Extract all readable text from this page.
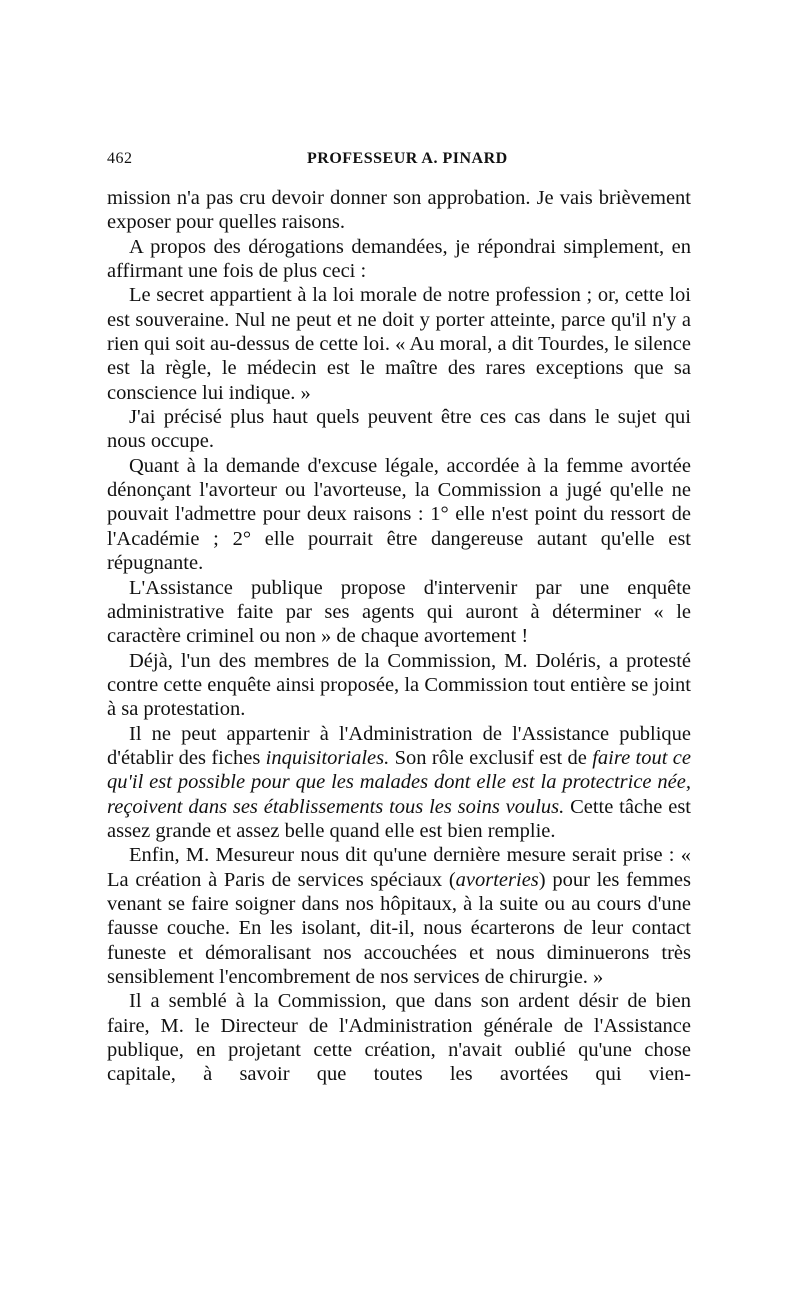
462	PROFESSEUR A. PINARD

mission n'a pas cru devoir donner son approbation. Je vais brièvement exposer pour quelles raisons.

A propos des dérogations demandées, je répondrai simplement, en affirmant une fois de plus ceci :

Le secret appartient à la loi morale de notre profession ; or, cette loi est souveraine. Nul ne peut et ne doit y porter atteinte, parce qu'il n'y a rien qui soit au-dessus de cette loi. « Au moral, a dit Tourdes, le silence est la règle, le médecin est le maître des rares exceptions que sa conscience lui indique. »

J'ai précisé plus haut quels peuvent être ces cas dans le sujet qui nous occupe.

Quant à la demande d'excuse légale, accordée à la femme avortée dénonçant l'avorteur ou l'avorteuse, la Commission a jugé qu'elle ne pouvait l'admettre pour deux raisons : 1° elle n'est point du ressort de l'Académie ; 2° elle pourrait être dangereuse autant qu'elle est répugnante.

L'Assistance publique propose d'intervenir par une enquête administrative faite par ses agents qui auront à déterminer « le caractère criminel ou non » de chaque avortement !

Déjà, l'un des membres de la Commission, M. Doléris, a protesté contre cette enquête ainsi proposée, la Commission tout entière se joint à sa protestation.

Il ne peut appartenir à l'Administration de l'Assistance publique d'établir des fiches inquisitoriales. Son rôle exclusif est de faire tout ce qu'il est possible pour que les malades dont elle est la protectrice née, reçoivent dans ses établissements tous les soins voulus. Cette tâche est assez grande et assez belle quand elle est bien remplie.

Enfin, M. Mesureur nous dit qu'une dernière mesure serait prise : « La création à Paris de services spéciaux (avorteries) pour les femmes venant se faire soigner dans nos hôpitaux, à la suite ou au cours d'une fausse couche. En les isolant, dit-il, nous écarterons de leur contact funeste et démoralisant nos accouchées et nous diminuerons très sensiblement l'encombrement de nos services de chirurgie. »

Il a semblé à la Commission, que dans son ardent désir de bien faire, M. le Directeur de l'Administration générale de l'Assistance publique, en projetant cette création, n'avait oublié qu'une chose capitale, à savoir que toutes les avortées qui vien-
